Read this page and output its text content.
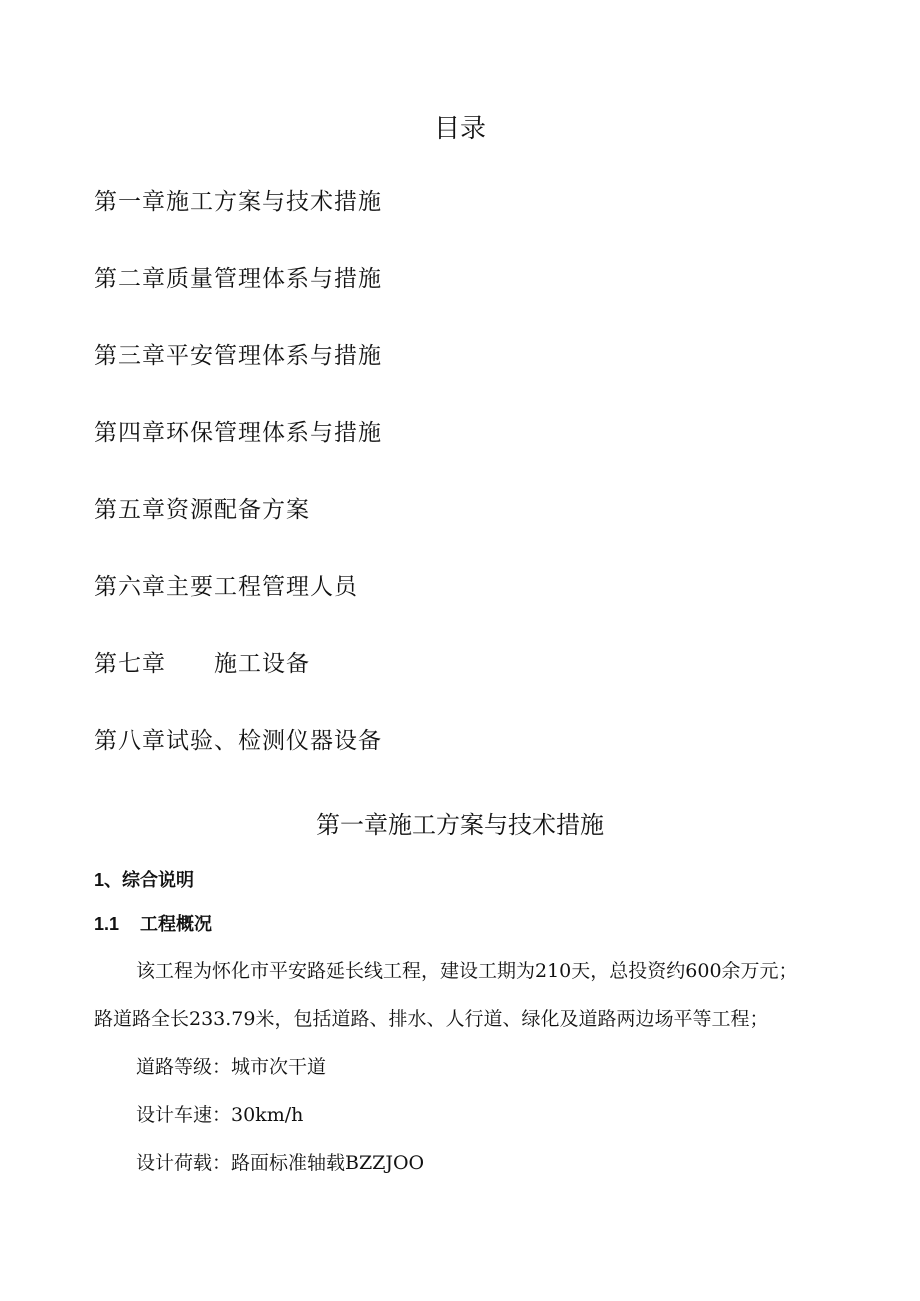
目录
第一章施工方案与技术措施
第二章质量管理体系与措施
第三章平安管理体系与措施
第四章环保管理体系与措施
第五章资源配备方案
第六章主要工程管理人员
第七章　　施工设备
第八章试验、检测仪器设备
第一章施工方案与技术措施
1、综合说明
1.1 工程概况

该工程为怀化市平安路延长线工程，建设工期为210天，总投资约600余万元；

路道路全长233.79米，包括道路、排水、人行道、绿化及道路两边场平等工程；

道路等级：城市次干道

设计车速：30km∕h

设计荷载：路面标准轴载BZZJOO
